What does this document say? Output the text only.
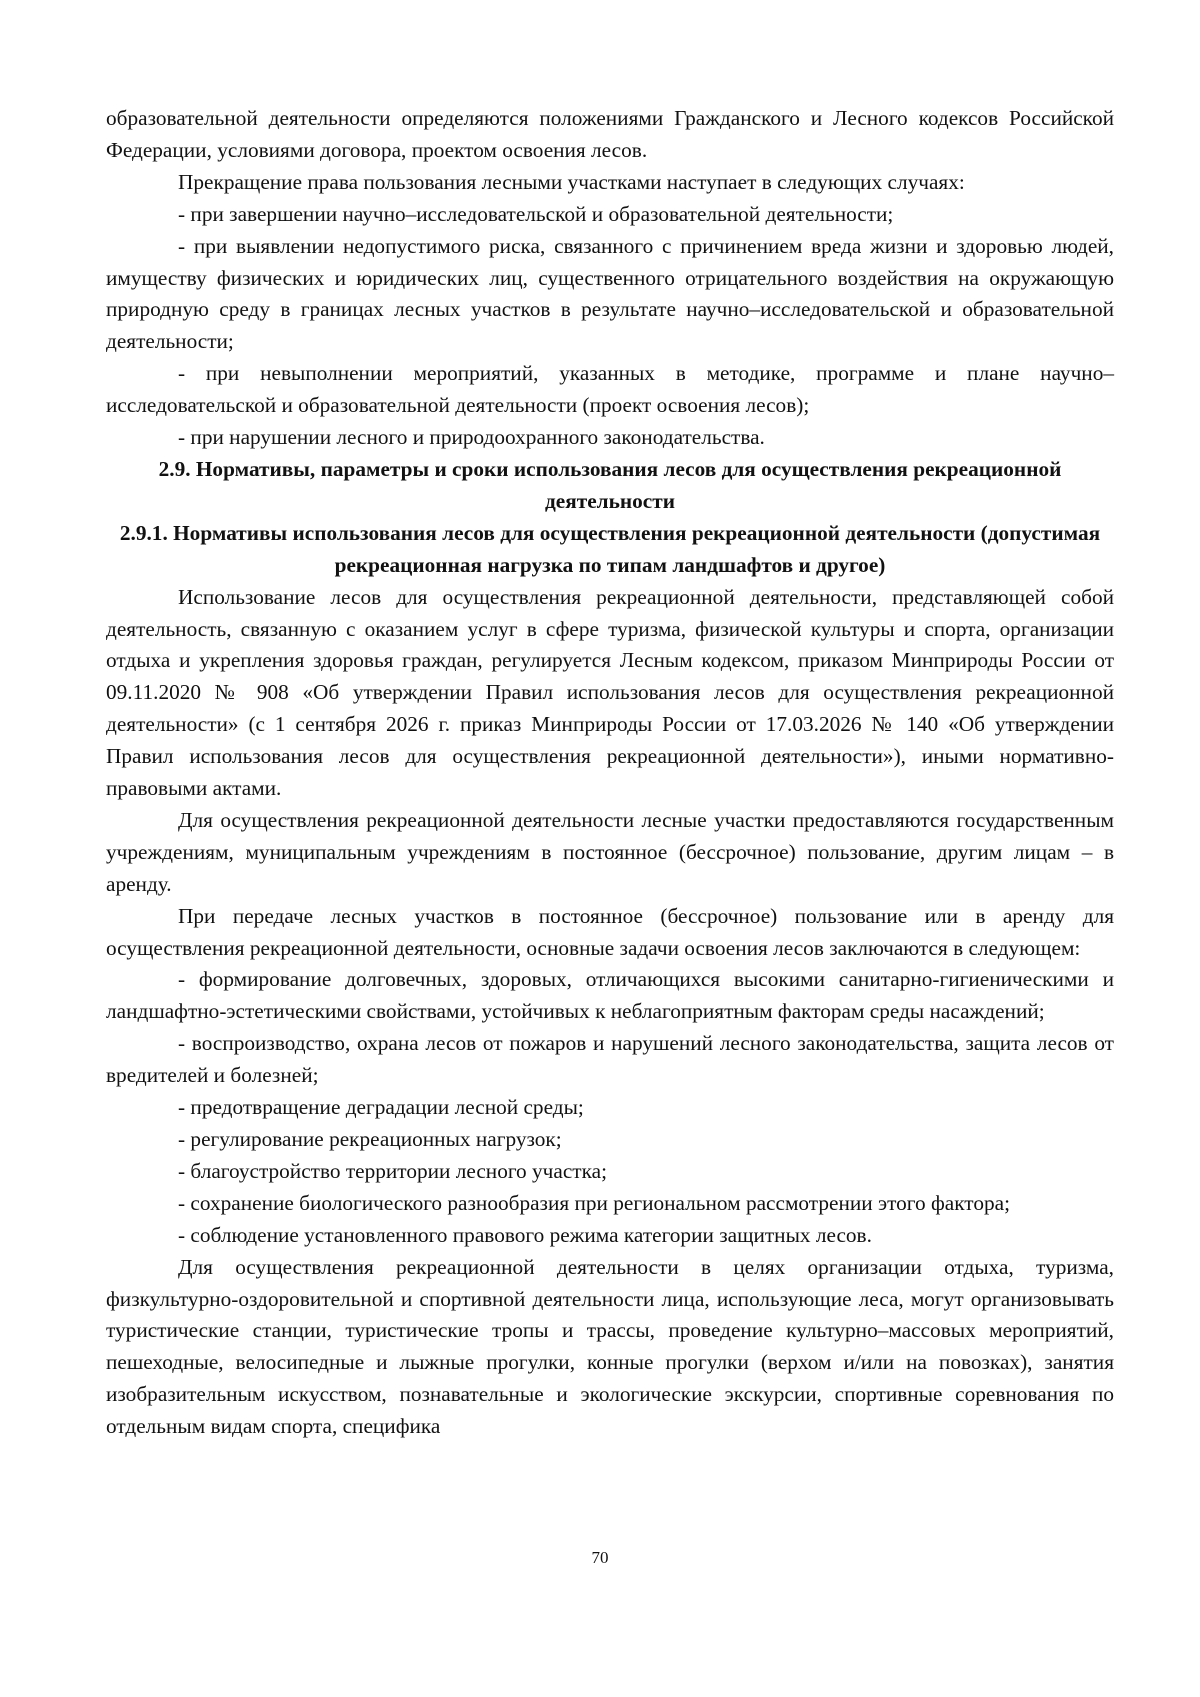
образовательной деятельности определяются положениями Гражданского и Лесного кодексов Российской Федерации, условиями договора, проектом освоения лесов.

Прекращение права пользования лесными участками наступает в следующих случаях:

- при завершении научно–исследовательской и образовательной деятельности;

- при выявлении недопустимого риска, связанного с причинением вреда жизни и здоровью людей, имуществу физических и юридических лиц, существенного отрицательного воздействия на окружающую природную среду в границах лесных участков в результате научно–исследовательской и образовательной деятельности;

- при невыполнении мероприятий, указанных в методике, программе и плане научно–исследовательской и образовательной деятельности (проект освоения лесов);

- при нарушении лесного и природоохранного законодательства.

2.9. Нормативы, параметры и сроки использования лесов для осуществления рекреационной деятельности

2.9.1. Нормативы использования лесов для осуществления рекреационной деятельности (допустимая рекреационная нагрузка по типам ландшафтов и другое)

Использование лесов для осуществления рекреационной деятельности, представляющей собой деятельность, связанную с оказанием услуг в сфере туризма, физической культуры и спорта, организации отдыха и укрепления здоровья граждан, регулируется Лесным кодексом, приказом Минприроды России от 09.11.2020 № 908 «Об утверждении Правил использования лесов для осуществления рекреационной деятельности» (с 1 сентября 2026 г. приказ Минприроды России от 17.03.2026 № 140 «Об утверждении Правил использования лесов для осуществления рекреационной деятельности»), иными нормативно-правовыми актами.

Для осуществления рекреационной деятельности лесные участки предоставляются государственным учреждениям, муниципальным учреждениям в постоянное (бессрочное) пользование, другим лицам – в аренду.

При передаче лесных участков в постоянное (бессрочное) пользование или в аренду для осуществления рекреационной деятельности, основные задачи освоения лесов заключаются в следующем:

- формирование долговечных, здоровых, отличающихся высокими санитарно-гигиеническими и ландшафтно-эстетическими свойствами, устойчивых к неблагоприятным факторам среды насаждений;

- воспроизводство, охрана лесов от пожаров и нарушений лесного законодательства, защита лесов от вредителей и болезней;

- предотвращение деградации лесной среды;

- регулирование рекреационных нагрузок;

- благоустройство территории лесного участка;

- сохранение биологического разнообразия при региональном рассмотрении этого фактора;

- соблюдение установленного правового режима категории защитных лесов.

Для осуществления рекреационной деятельности в целях организации отдыха, туризма, физкультурно-оздоровительной и спортивной деятельности лица, использующие леса, могут организовывать туристические станции, туристические тропы и трассы, проведение культурно–массовых мероприятий, пешеходные, велосипедные и лыжные прогулки, конные прогулки (верхом и/или на повозках), занятия изобразительным искусством, познавательные и экологические экскурсии, спортивные соревнования по отдельным видам спорта, специфика

70
